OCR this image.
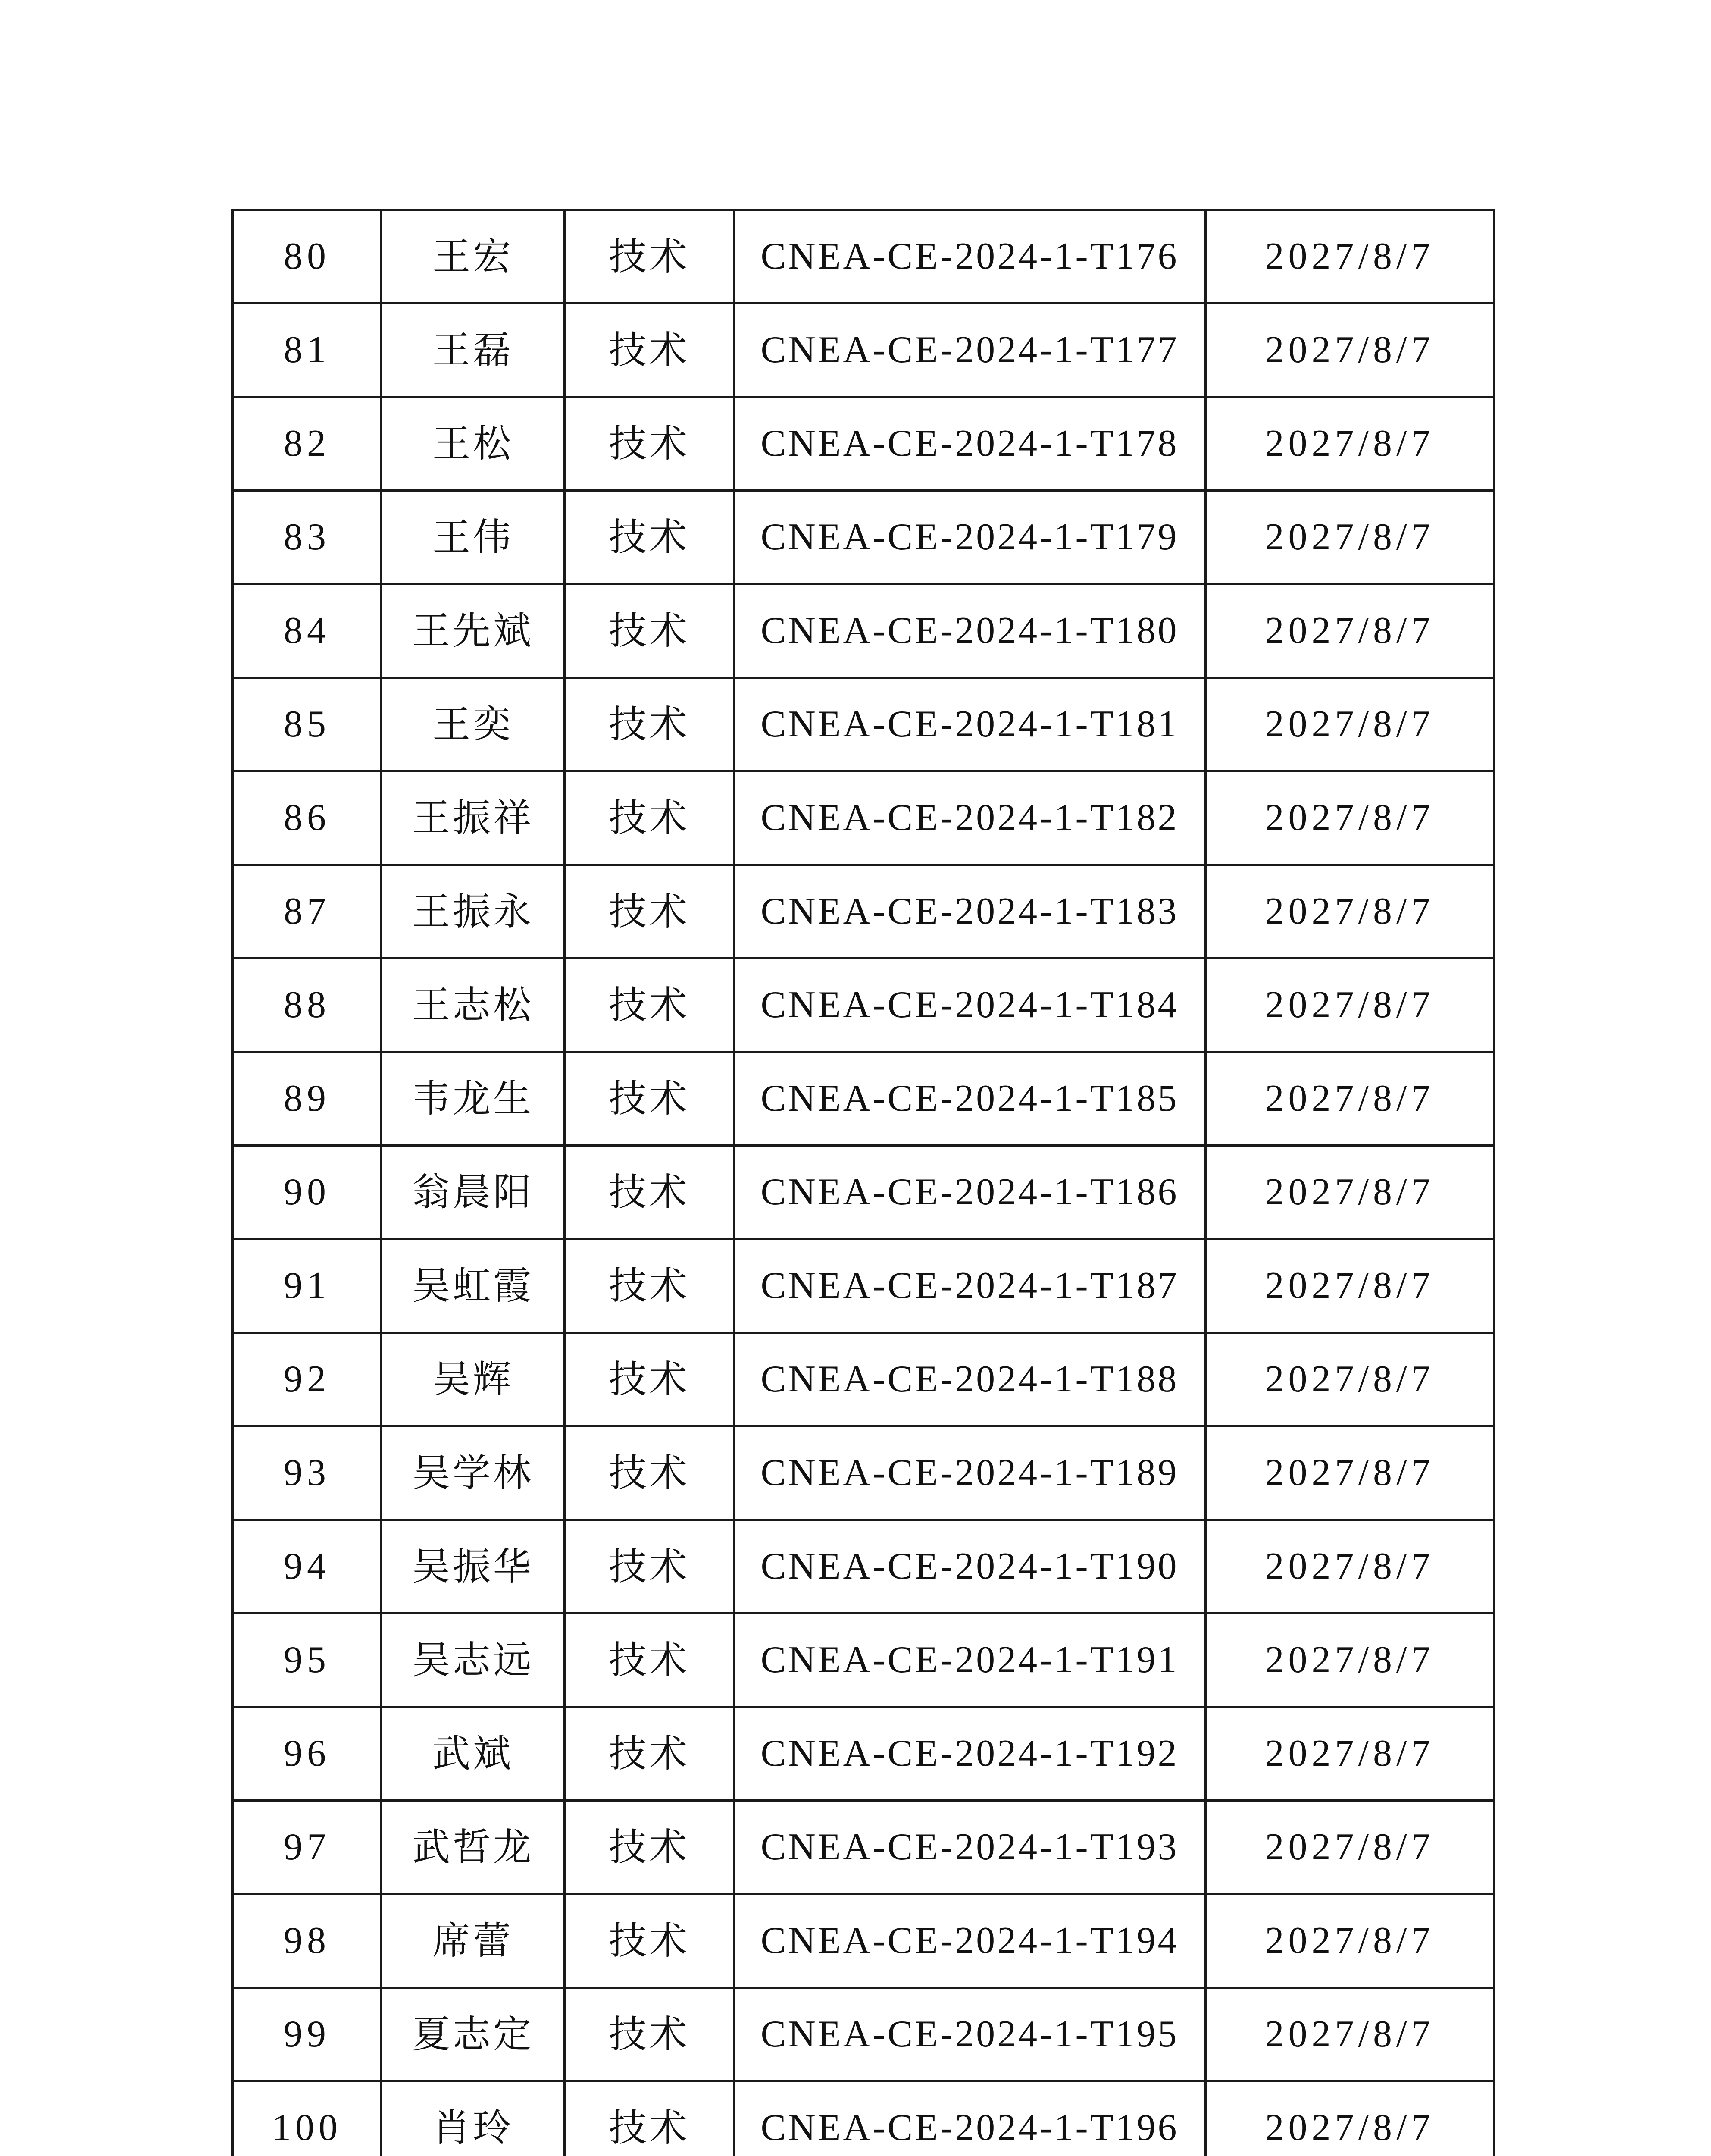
80	王宏	技术	CNEA-CE-2024-1-T176	2027/8/7
81	王磊	技术	CNEA-CE-2024-1-T177	2027/8/7
82	王松	技术	CNEA-CE-2024-1-T178	2027/8/7
83	王伟	技术	CNEA-CE-2024-1-T179	2027/8/7
84	王先斌	技术	CNEA-CE-2024-1-T180	2027/8/7
85	王奕	技术	CNEA-CE-2024-1-T181	2027/8/7
86	王振祥	技术	CNEA-CE-2024-1-T182	2027/8/7
87	王振永	技术	CNEA-CE-2024-1-T183	2027/8/7
88	王志松	技术	CNEA-CE-2024-1-T184	2027/8/7
89	韦龙生	技术	CNEA-CE-2024-1-T185	2027/8/7
90	翁晨阳	技术	CNEA-CE-2024-1-T186	2027/8/7
91	吴虹霞	技术	CNEA-CE-2024-1-T187	2027/8/7
92	吴辉	技术	CNEA-CE-2024-1-T188	2027/8/7
93	吴学林	技术	CNEA-CE-2024-1-T189	2027/8/7
94	吴振华	技术	CNEA-CE-2024-1-T190	2027/8/7
95	吴志远	技术	CNEA-CE-2024-1-T191	2027/8/7
96	武斌	技术	CNEA-CE-2024-1-T192	2027/8/7
97	武哲龙	技术	CNEA-CE-2024-1-T193	2027/8/7
98	席蕾	技术	CNEA-CE-2024-1-T194	2027/8/7
99	夏志定	技术	CNEA-CE-2024-1-T195	2027/8/7
100	肖玲	技术	CNEA-CE-2024-1-T196	2027/8/7
